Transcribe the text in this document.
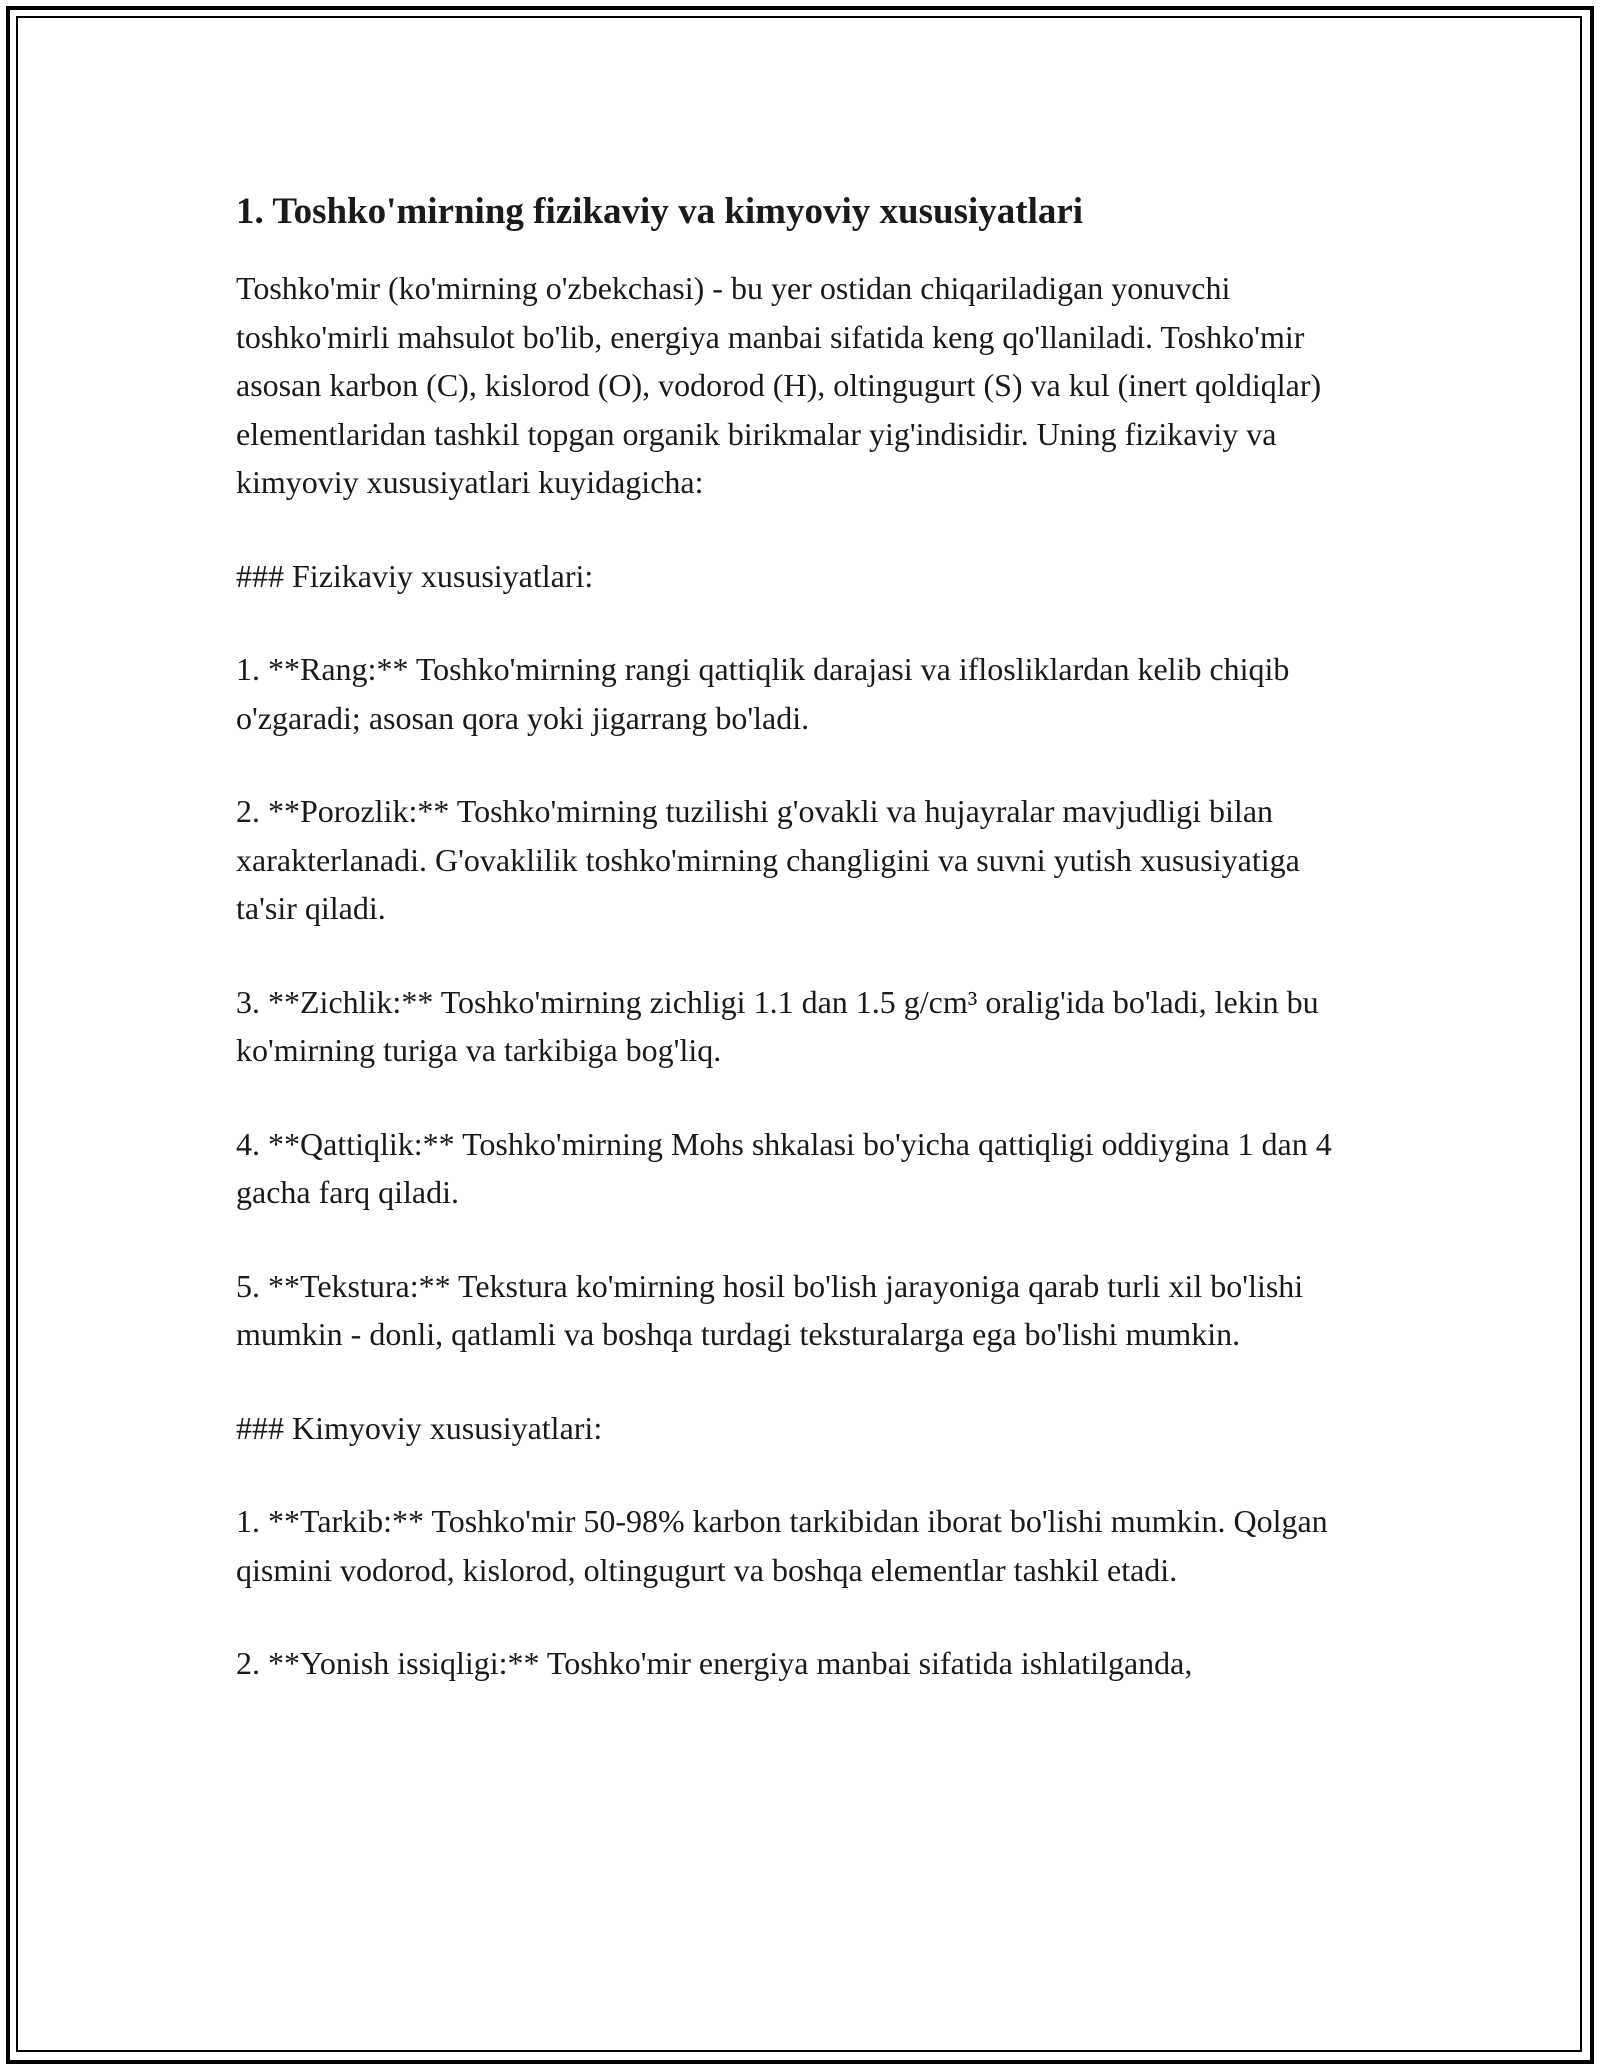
1. Toshko'mirning fizikaviy va kimyoviy xususiyatlari

Toshko'mir (ko'mirning o'zbekchasi) - bu yer ostidan chiqariladigan yonuvchi toshko'mirli mahsulot bo'lib, energiya manbai sifatida keng qo'llaniladi. Toshko'mir asosan karbon (C), kislorod (O), vodorod (H), oltingugurt (S) va kul (inert qoldiqlar) elementlaridan tashkil topgan organik birikmalar yig'indisidir. Uning fizikaviy va kimyoviy xususiyatlari kuyidagicha:

### Fizikaviy xususiyatlari:

1. **Rang:** Toshko'mirning rangi qattiqlik darajasi va iflosliklardan kelib chiqib o'zgaradi; asosan qora yoki jigarrang bo'ladi.

2. **Porozlik:** Toshko'mirning tuzilishi g'ovakli va hujayralar mavjudligi bilan xarakterlanadi. G'ovaklilik toshko'mirning changligini va suvni yutish xususiyatiga ta'sir qiladi.

3. **Zichlik:** Toshko'mirning zichligi 1.1 dan 1.5 g/cm³ oralig'ida bo'ladi, lekin bu ko'mirning turiga va tarkibiga bog'liq.

4. **Qattiqlik:** Toshko'mirning Mohs shkalasi bo'yicha qattiqligi oddiygina 1 dan 4 gacha farq qiladi.

5. **Tekstura:** Tekstura ko'mirning hosil bo'lish jarayoniga qarab turli xil bo'lishi mumkin - donli, qatlamli va boshqa turdagi teksturalarga ega bo'lishi mumkin.

### Kimyoviy xususiyatlari:

1. **Tarkib:** Toshko'mir 50-98% karbon tarkibidan iborat bo'lishi mumkin. Qolgan qismini vodorod, kislorod, oltingugurt va boshqa elementlar tashkil etadi.

2. **Yonish issiqligi:** Toshko'mir energiya manbai sifatida ishlatilganda,
